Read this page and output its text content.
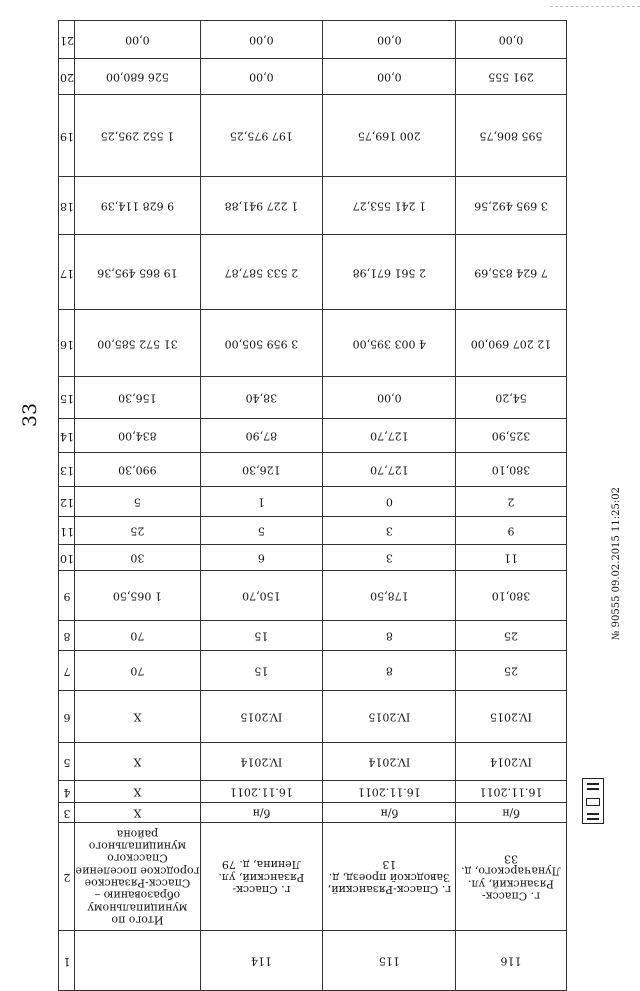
33
21	0,00	0,00	0,00	0,00

20	526 680,00	0,00	0,00	291 555

19	1 552 295,25	197 975,25	200 169,75	595 806,75

18	9 628 114,39	1 227 941,88	1 241 553,27	3 695 492,56

17	19 865 495,36	2 533 587,87	2 561 671,98	7 624 835,69

16	31 572 585,00	3 959 505,00	4 003 395,00	12 207 690,00

15	156,30	38,40	0,00	54,20

14	834,00	87,90	127,70	325,90

13	990,30	126,30	127,70	380,10

12	5	1	0	2

11	25	5	3	9

10	30	6	3	11

9	1 065,50	150,70	178,50	380,10

8	70	15	8	25

7	70	15	8	25

6	X	IV.2015	IV.2015	IV.2015

5	X	IV.2014	IV.2014	IV.2014

4	X	16.11.2011	16.11.2011	16.11.2011

3	X	б/н	б/н	б/н

2	Итого по муниципальному образованию – Спасск-Рязанское городское поселение Спасского муниципального района	г. Спасск-Рязанский, ул. Ленина, д. 79	г. Спасск-Рязанский, Заводской проезд, д. 13	г. Спасск-Рязанский, ул. Луначарского, д. 33

1		114	115	116
№ 90555 09.02.2015 11:25:02
